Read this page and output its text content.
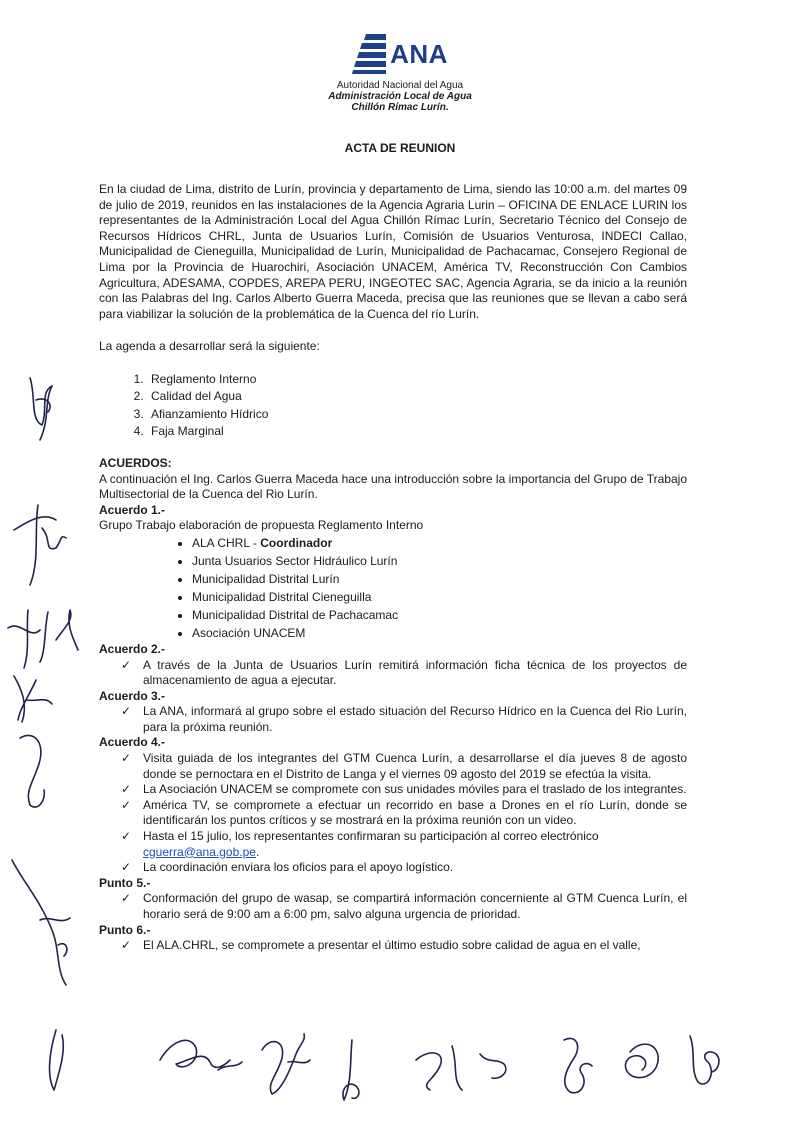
ANA
Autoridad Nacional del Agua
Administración Local de Agua
Chillón Rímac Lurín.
ACTA DE REUNION

En la ciudad de Lima, distrito de Lurín, provincia y departamento de Lima, siendo las 10:00 a.m. del martes 09 de julio de 2019, reunidos en las instalaciones de la Agencia Agraria Lurin – OFICINA DE ENLACE LURIN los representantes de la Administración Local del Agua Chillón Rímac Lurín, Secretario Técnico del Consejo de Recursos Hídricos CHRL, Junta de Usuarios Lurín, Comisión de Usuarios Venturosa, INDECI Callao, Municipalidad de Cieneguilla, Municipalidad de Lurín, Municipalidad de Pachacamac, Consejero Regional de Lima por la Provincia de Huarochiri, Asociación UNACEM, América TV, Reconstrucción Con Cambios Agricultura, ADESAMA, COPDES, AREPA PERU, INGEOTEC SAC, Agencia Agraria, se da inicio a la reunión con las Palabras del Ing. Carlos Alberto Guerra Maceda, precisa que las reuniones que se llevan a cabo será para viabilizar la solución de la problemática de la Cuenca del río Lurín.

La agenda a desarrollar será la siguiente:
1. Reglamento Interno
2. Calidad del Agua
3. Afianzamiento Hídrico
4. Faja Marginal
ACUERDOS:

A continuación el Ing. Carlos Guerra Maceda hace una introducción sobre la importancia del Grupo de Trabajo Multisectorial de la Cuenca del Rio Lurín.

Acuerdo 1.-
Grupo Trabajo elaboración de propuesta Reglamento Interno
• ALA CHRL - Coordinador
• Junta Usuarios Sector Hidráulico Lurín
• Municipalidad Distrital Lurín
• Municipalidad Distrital Cieneguilla
• Municipalidad Distrital de Pachacamac
• Asociación UNACEM
Acuerdo 2.-
✓ A través de la Junta de Usuarios Lurín remitirá información ficha técnica de los proyectos de almacenamiento de agua a ejecutar.
Acuerdo 3.-
✓ La ANA, informará al grupo sobre el estado situación del Recurso Hídrico en la Cuenca del Rio Lurín, para la próxima reunión.
Acuerdo 4.-
✓ Visita guiada de los integrantes del GTM Cuenca Lurín, a desarrollarse el día jueves 8 de agosto donde se pernoctara en el Distrito de Langa y el viernes 09 agosto del 2019 se efectúa la visita.
✓ La Asociación UNACEM se compromete con sus unidades móviles para el traslado de los integrantes.
✓ América TV, se compromete a efectuar un recorrido en base a Drones en el río Lurín, donde se identificarán los puntos críticos y se mostrará en la próxima reunión con un video.
✓ Hasta el 15 julio, los representantes confirmaran su participación al correo electrónico
cguerra@ana.gob.pe.
✓ La coordinación enviara los oficios para el apoyo logístico.
Punto 5.-
✓ Conformación del grupo de wasap, se compartirá información concerniente al GTM Cuenca Lurín, el horario será de 9:00 am a 6:00 pm, salvo alguna urgencia de prioridad.
Punto 6.-
✓ El ALA.CHRL, se compromete a presentar el último estudio sobre calidad de agua en el valle,
